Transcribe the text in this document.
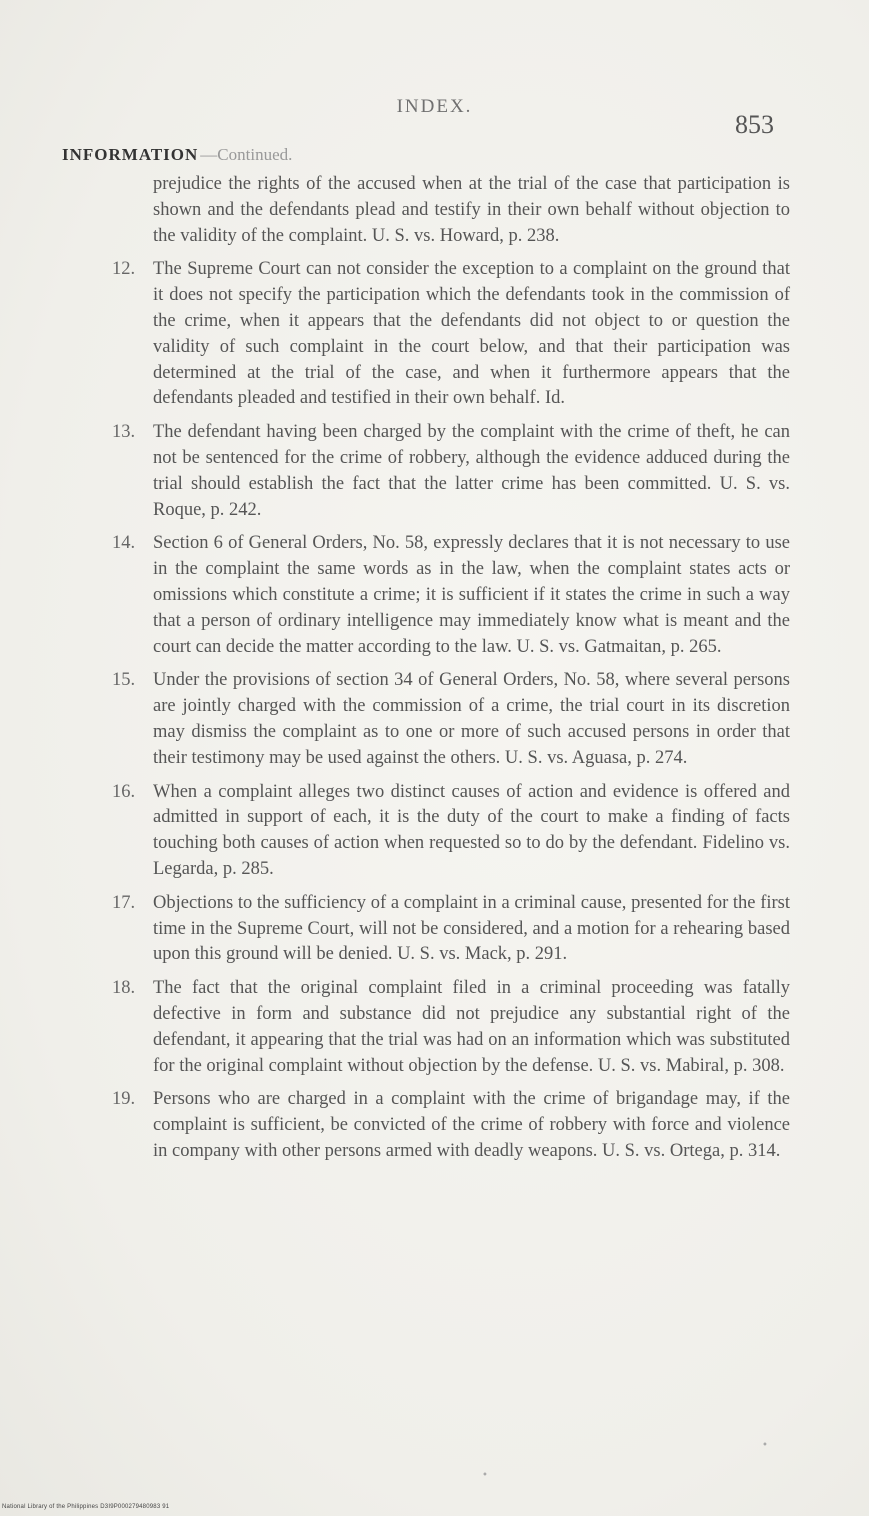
INDEX.
853
INFORMATION —Continued.

prejudice the rights of the accused when at the trial of the case that participation is shown and the defendants plead and testify in their own behalf without objection to the validity of the complaint. U. S. vs. Howard, p. 238.

12. The Supreme Court can not consider the exception to a complaint on the ground that it does not specify the participation which the defendants took in the commission of the crime, when it appears that the defendants did not object to or question the validity of such complaint in the court below, and that their participation was determined at the trial of the case, and when it furthermore appears that the defendants pleaded and testified in their own behalf. Id.

13. The defendant having been charged by the complaint with the crime of theft, he can not be sentenced for the crime of robbery, although the evidence adduced during the trial should establish the fact that the latter crime has been committed. U. S. vs. Roque, p. 242.

14. Section 6 of General Orders, No. 58, expressly declares that it is not necessary to use in the complaint the same words as in the law, when the complaint states acts or omissions which constitute a crime; it is sufficient if it states the crime in such a way that a person of ordinary intelligence may immediately know what is meant and the court can decide the matter according to the law. U. S. vs. Gatmaitan, p. 265.

15. Under the provisions of section 34 of General Orders, No. 58, where several persons are jointly charged with the commission of a crime, the trial court in its discretion may dismiss the complaint as to one or more of such accused persons in order that their testimony may be used against the others. U. S. vs. Aguasa, p. 274.

16. When a complaint alleges two distinct causes of action and evidence is offered and admitted in support of each, it is the duty of the court to make a finding of facts touching both causes of action when requested so to do by the defendant. Fidelino vs. Legarda, p. 285.

17. Objections to the sufficiency of a complaint in a criminal cause, presented for the first time in the Supreme Court, will not be considered, and a motion for a rehearing based upon this ground will be denied. U. S. vs. Mack, p. 291.

18. The fact that the original complaint filed in a criminal proceeding was fatally defective in form and substance did not prejudice any substantial right of the defendant, it appearing that the trial was had on an information which was substituted for the original complaint without objection by the defense. U. S. vs. Mabiral, p. 308.

19. Persons who are charged in a complaint with the crime of brigandage may, if the complaint is sufficient, be convicted of the crime of robbery with force and violence in company with other persons armed with deadly weapons. U. S. vs. Ortega, p. 314.

•
•
National Library of the Philippines D3I9P000279480983 91
